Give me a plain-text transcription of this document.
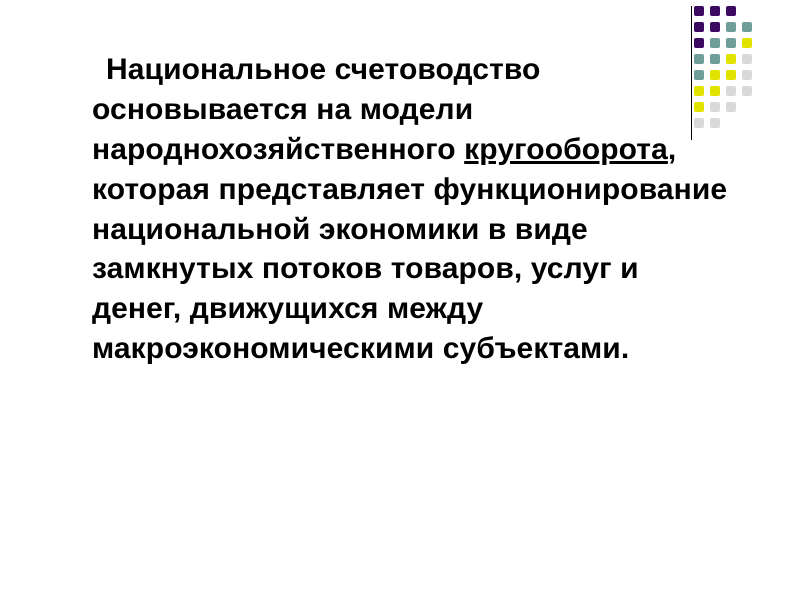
Национальное счетоводство основывается на модели народнохозяйственного кругооборота, которая представляет функционирование национальной экономики в виде замкнутых потоков товаров, услуг и денег, движущихся между макроэкономическими субъектами.
